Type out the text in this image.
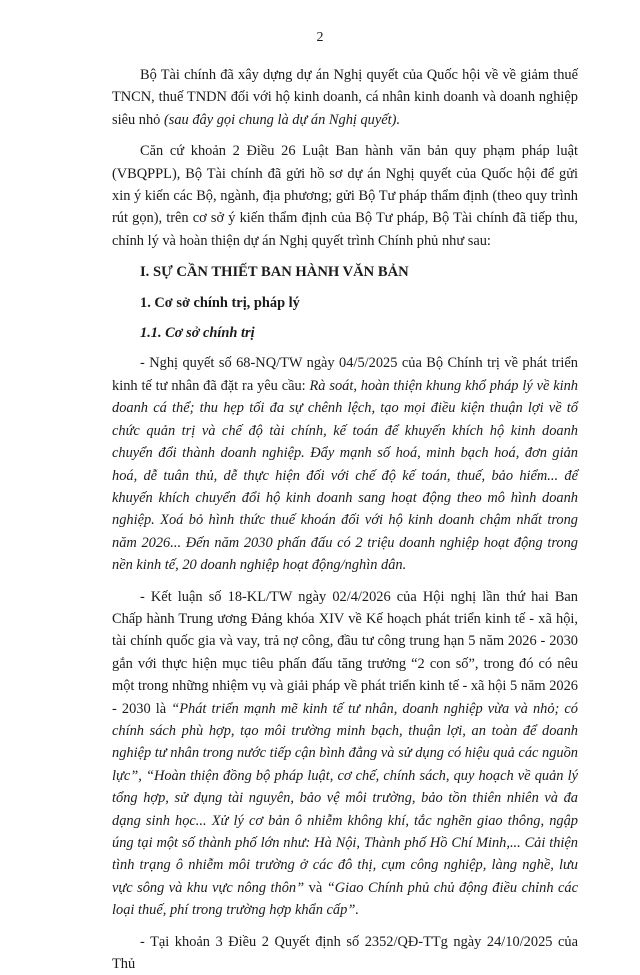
2

Bộ Tài chính đã xây dựng dự án Nghị quyết của Quốc hội về về giảm thuế TNCN, thuế TNDN đối với hộ kinh doanh, cá nhân kinh doanh và doanh nghiệp siêu nhỏ (sau đây gọi chung là dự án Nghị quyết).

Căn cứ khoản 2 Điều 26 Luật Ban hành văn bản quy phạm pháp luật (VBQPPL), Bộ Tài chính đã gửi hồ sơ dự án Nghị quyết của Quốc hội để gửi xin ý kiến các Bộ, ngành, địa phương; gửi Bộ Tư pháp thẩm định (theo quy trình rút gọn), trên cơ sở ý kiến thẩm định của Bộ Tư pháp, Bộ Tài chính đã tiếp thu, chỉnh lý và hoàn thiện dự án Nghị quyết trình Chính phủ như sau:

I. SỰ CẦN THIẾT BAN HÀNH VĂN BẢN

1. Cơ sở chính trị, pháp lý

1.1. Cơ sở chính trị

- Nghị quyết số 68-NQ/TW ngày 04/5/2025 của Bộ Chính trị về phát triển kinh tế tư nhân đã đặt ra yêu cầu: Rà soát, hoàn thiện khung khổ pháp lý về kinh doanh cá thể; thu hẹp tối đa sự chênh lệch, tạo mọi điều kiện thuận lợi về tổ chức quản trị và chế độ tài chính, kế toán để khuyến khích hộ kinh doanh chuyển đổi thành doanh nghiệp. Đẩy mạnh số hoá, minh bạch hoá, đơn giản hoá, dễ tuân thủ, dễ thực hiện đối với chế độ kế toán, thuế, bảo hiểm... để khuyến khích chuyển đổi hộ kinh doanh sang hoạt động theo mô hình doanh nghiệp. Xoá bỏ hình thức thuế khoán đối với hộ kinh doanh chậm nhất trong năm 2026... Đến năm 2030 phấn đấu có 2 triệu doanh nghiệp hoạt động trong nền kinh tế, 20 doanh nghiệp hoạt động/nghìn dân.

- Kết luận số 18-KL/TW ngày 02/4/2026 của Hội nghị lần thứ hai Ban Chấp hành Trung ương Đảng khóa XIV về Kế hoạch phát triển kinh tế - xã hội, tài chính quốc gia và vay, trả nợ công, đầu tư công trung hạn 5 năm 2026 - 2030 gắn với thực hiện mục tiêu phấn đấu tăng trưởng “2 con số”, trong đó có nêu một trong những nhiệm vụ và giải pháp về phát triển kinh tế - xã hội 5 năm 2026 - 2030 là “Phát triển mạnh mẽ kinh tế tư nhân, doanh nghiệp vừa và nhỏ; có chính sách phù hợp, tạo môi trường minh bạch, thuận lợi, an toàn để doanh nghiệp tư nhân trong nước tiếp cận bình đẳng và sử dụng có hiệu quả các nguồn lực”, “Hoàn thiện đồng bộ pháp luật, cơ chế, chính sách, quy hoạch về quản lý tổng hợp, sử dụng tài nguyên, bảo vệ môi trường, bảo tồn thiên nhiên và đa dạng sinh học... Xử lý cơ bản ô nhiễm không khí, tắc nghẽn giao thông, ngập úng tại một số thành phố lớn như: Hà Nội, Thành phố Hồ Chí Minh,... Cải thiện tình trạng ô nhiễm môi trường ở các đô thị, cụm công nghiệp, làng nghề, lưu vực sông và khu vực nông thôn” và “Giao Chính phủ chủ động điều chỉnh các loại thuế, phí trong trường hợp khẩn cấp”.

- Tại khoản 3 Điều 2 Quyết định số 2352/QĐ-TTg ngày 24/10/2025 của Thủ
